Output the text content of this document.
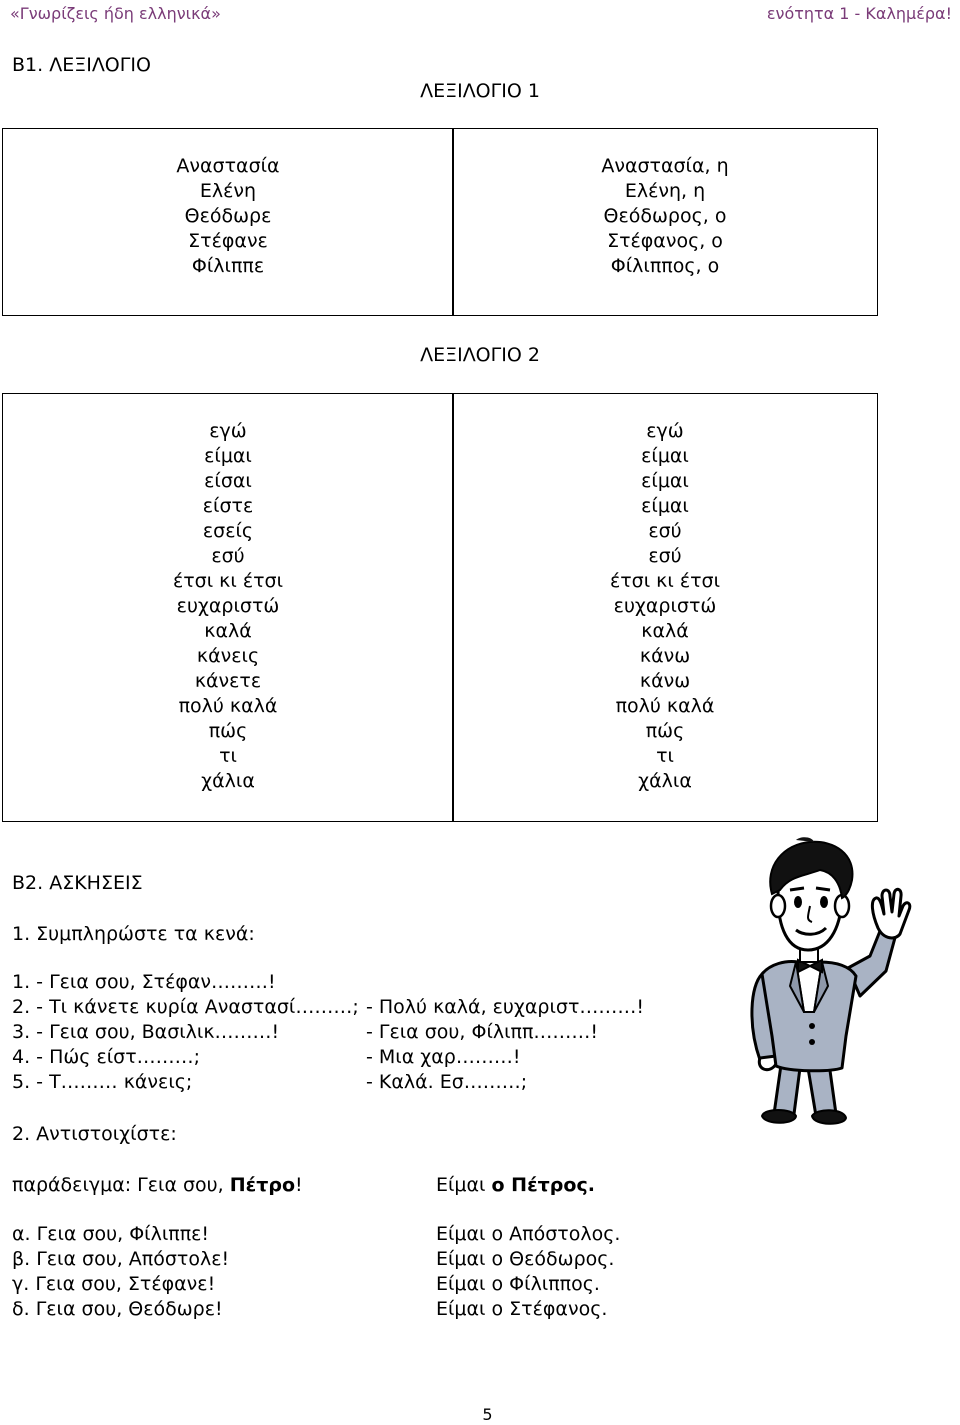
«Γνωρίζεις ήδη ελληνικά»	ενότητα 1 - Καλημέρα!
Β1. ΛΕΞΙΛΟΓΙΟ
ΛΕΞΙΛΟΓΙΟ 1
Αναστασία
Ελένη
Θεόδωρε
Στέφανε
Φίλιππε
Αναστασία, η
Ελένη, η
Θεόδωρος, ο
Στέφανος, ο
Φίλιππος, ο
ΛΕΞΙΛΟΓΙΟ 2
εγώ
είμαι
είσαι
είστε
εσείς
εσύ
έτσι κι έτσι
ευχαριστώ
καλά
κάνεις
κάνετε
πολύ καλά
πώς
τι
χάλια
εγώ
είμαι
είμαι
είμαι
εσύ
εσύ
έτσι κι έτσι
ευχαριστώ
καλά
κάνω
κάνω
πολύ καλά
πώς
τι
χάλια
Β2. ΑΣΚΗΣΕΙΣ
1. Συμπληρώστε τα κενά:
1. - Γεια σου, Στέφαν………!
2. - Τι κάνετε κυρία Αναστασί………;
3. - Γεια σου, Βασιλικ………!
4. - Πώς είστ………;
5. - Τ……… κάνεις;
- Πολύ καλά, ευχαριστ………!
- Γεια σου, Φίλιππ………!
- Μια χαρ………!
- Καλά. Εσ………;
2. Αντιστοιχίστε:
παράδειγμα: Γεια σου, Πέτρο!	Είμαι ο Πέτρος.
α. Γεια σου, Φίλιππε!
β. Γεια σου, Απόστολε!
γ. Γεια σου, Στέφανε!
δ. Γεια σου, Θεόδωρε!
Είμαι ο Απόστολος.
Είμαι ο Θεόδωρος.
Είμαι ο Φίλιππος.
Είμαι ο Στέφανος.
5
